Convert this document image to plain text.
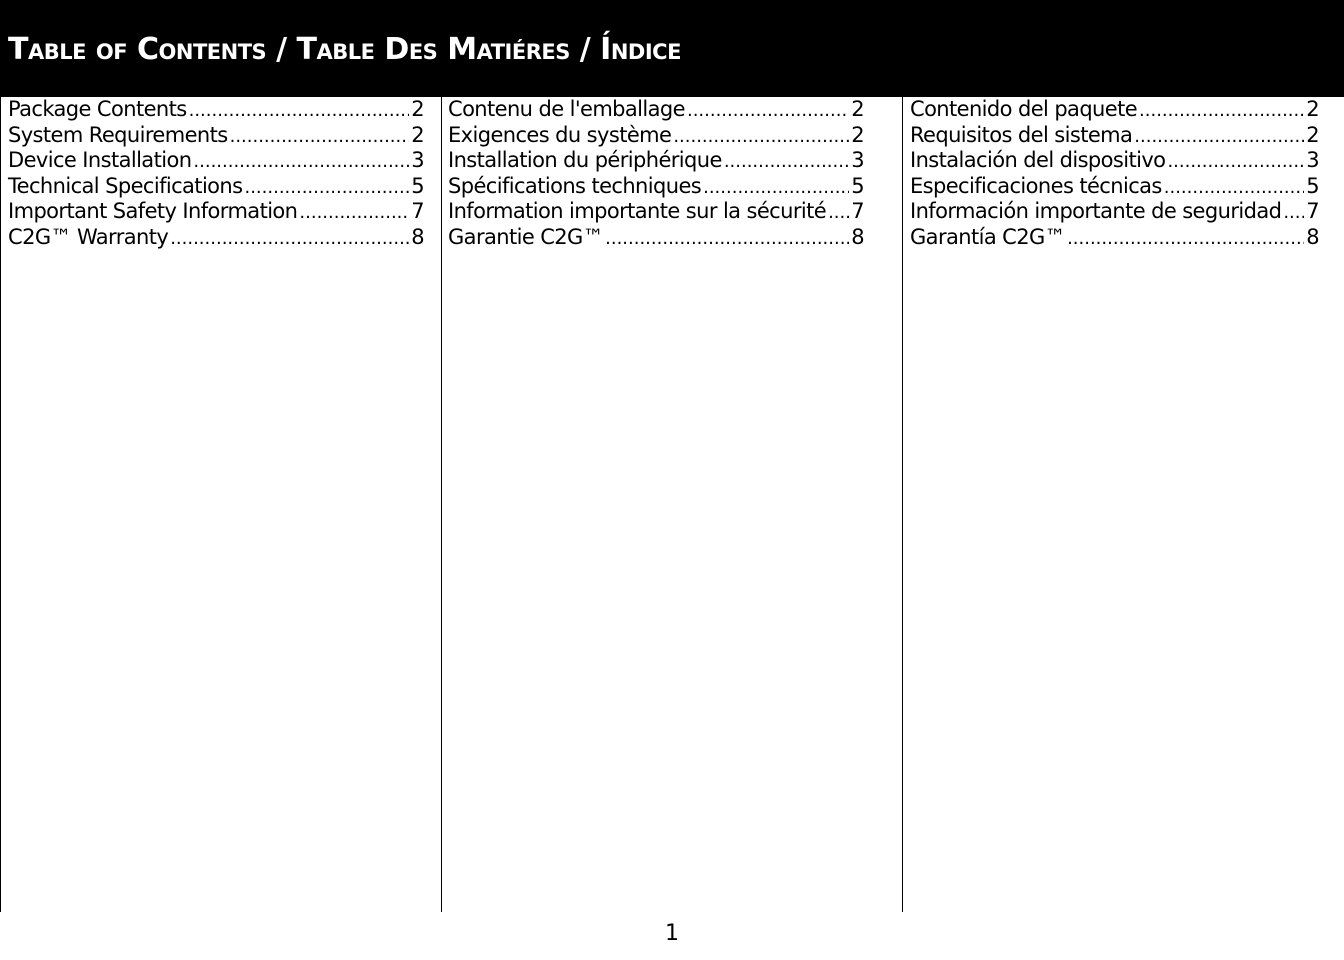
Table of Contents / Table Des Matiéres / Índice
Package Contents .....	2
System Requirements .....	2
Device Installation .....	3
Technical Specifications .....	5
Important Safety Information .....	7
C2G™ Warranty .....	8
Contenu de l'emballage .....	2
Exigences du système .....	2
Installation du périphérique .....	3
Spécifications techniques .....	5
Information importante sur la sécurité ..... 7
Garantie C2G™ .....	8
Contenido del paquete .....	2
Requisitos del sistema .....	2
Instalación del dispositivo .....	3
Especificaciones técnicas .....	5
Información importante de seguridad ..... 7
Garantía C2G™ .....	8
1
